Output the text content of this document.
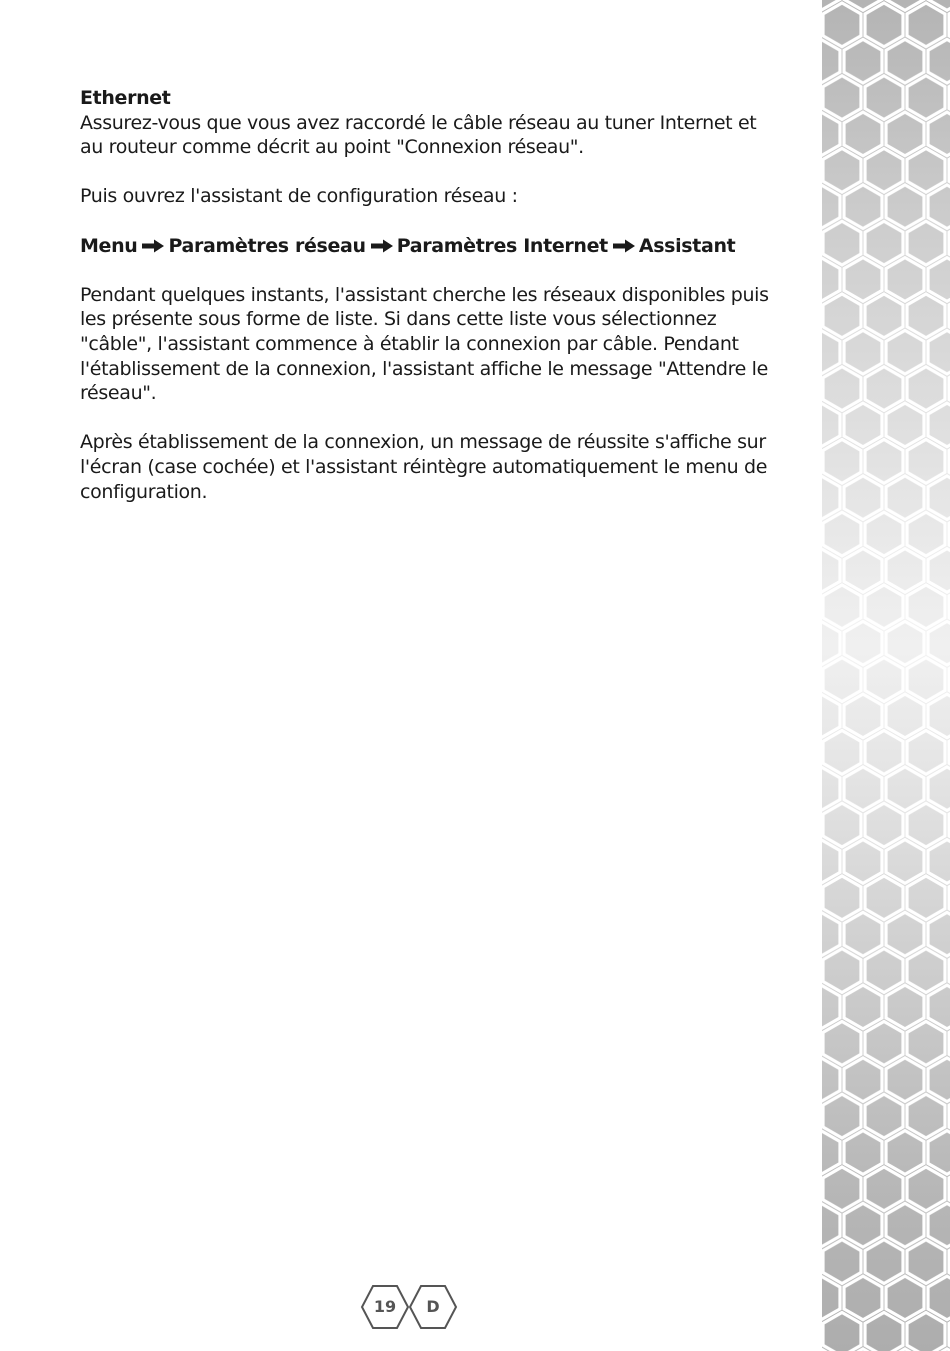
Ethernet

Assurez-vous que vous avez raccordé le câble réseau au tuner Internet et au routeur comme décrit au point "Connexion réseau".

Puis ouvrez l'assistant de configuration réseau :

Menu Paramètres réseau Paramètres Internet Assistant

Pendant quelques instants, l'assistant cherche les réseaux disponibles puis les présente sous forme de liste. Si dans cette liste vous sélectionnez "câble", l'assistant commence à établir la connexion par câble. Pendant l'établissement de la connexion, l'assistant affiche le message "Attendre le réseau".

Après établissement de la connexion, un message de réussite s'affiche sur l'écran (case cochée) et l'assistant réintègre automatiquement le menu de configuration.

19	D
